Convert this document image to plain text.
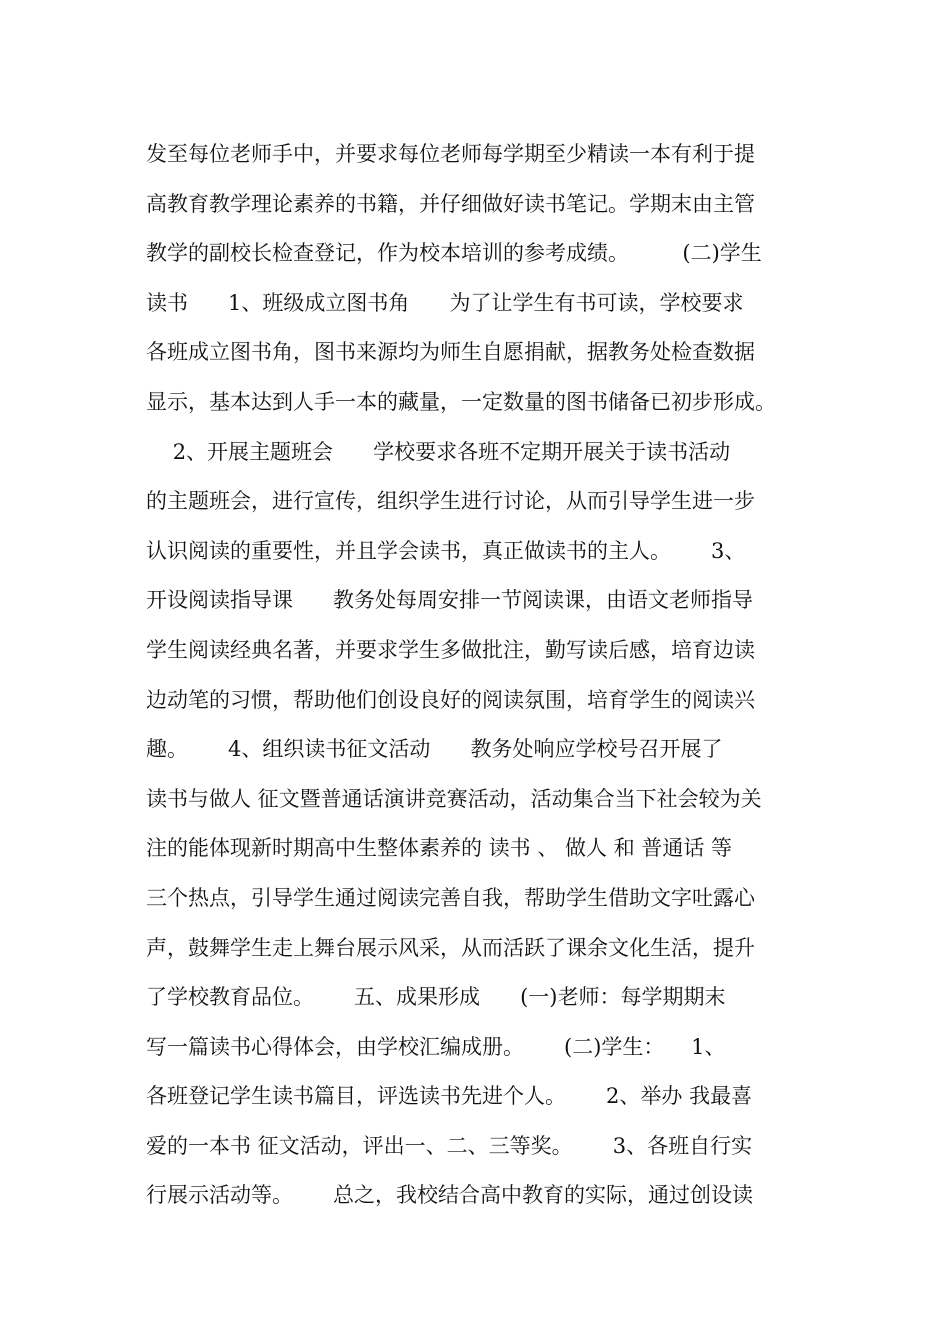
发至每位老师手中，并要求每位老师每学期至少精读一本有利于提
高教育教学理论素养的书籍，并仔细做好读书笔记。学期末由主管
教学的副校长检查登记，作为校本培训的参考成绩。        (二)学生
读书      1、班级成立图书角      为了让学生有书可读，学校要求
各班成立图书角，图书来源均为师生自愿捐献，据教务处检查数据
显示，基本达到人手一本的藏量，一定数量的图书储备已初步形成。
2、开展主题班会      学校要求各班不定期开展关于读书活动
的主题班会，进行宣传，组织学生进行讨论，从而引导学生进一步
认识阅读的重要性，并且学会读书，真正做读书的主人。      3、
开设阅读指导课      教务处每周安排一节阅读课，由语文老师指导
学生阅读经典名著，并要求学生多做批注，勤写读后感，培育边读
边动笔的习惯，帮助他们创设良好的阅读氛围，培育学生的阅读兴
趣。      4、组织读书征文活动      教务处响应学校号召开展了
读书与做人 征文暨普通话演讲竞赛活动，活动集合当下社会较为关
注的能体现新时期高中生整体素养的 读书 、 做人 和 普通话 等
三个热点，引导学生通过阅读完善自我，帮助学生借助文字吐露心
声，鼓舞学生走上舞台展示风采，从而活跃了课余文化生活，提升
了学校教育品位。      五、成果形成      (一)老师：每学期期末
写一篇读书心得体会，由学校汇编成册。      (二)学生：    1、
各班登记学生读书篇目，评选读书先进个人。      2、举办 我最喜
爱的一本书 征文活动，评出一、二、三等奖。      3、各班自行实
行展示活动等。      总之，我校结合高中教育的实际，通过创设读
